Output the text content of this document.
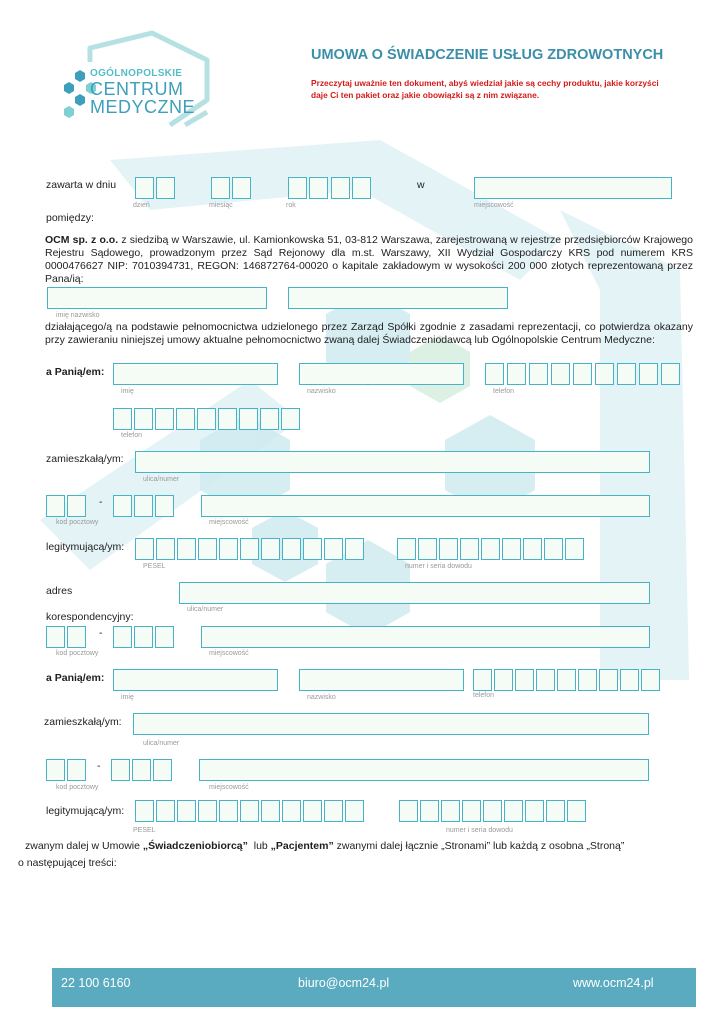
OGÓLNOPOLSKIE
CENTRUM
MEDYCZNE
UMOWA O ŚWIADCZENIE USŁUG ZDROWOTNYCH
Przeczytaj uważnie ten dokument, abyś wiedział jakie są cechy produktu, jakie korzyści
daje Ci ten pakiet oraz jakie obowiązki są z nim związane.
zawarta w dniu	w
dzień	miesiąc	rok	miejscowość
pomiędzy:
OCM sp. z o.o. z siedzibą w Warszawie, ul. Kamionkowska 51, 03-812 Warszawa, zarejestrowaną w rejestrze przedsiębiorców Krajowego Rejestru Sądowego, prowadzonym przez Sąd Rejonowy dla m.st. Warszawy, XII Wydział Gospodarczy KRS pod numerem KRS 0000476627 NIP: 7010394731, REGON: 146872764-00020 o kapitale zakładowym w wysokości 200 000 złotych reprezentowaną przez Pana/ią:
imię nazwisko
działającego/ą na podstawie pełnomocnictwa udzielonego przez Zarząd Spółki zgodnie z zasadami reprezentacji, co potwierdza okazany przy zawieraniu niniejszej umowy aktualne pełnomocnictwo zwaną dalej Świadczeniodawcą lub Ogólnopolskie Centrum Medyczne:
a Panią/em:
imię	nazwisko	telefon
telefon
zamieszkałą/ym:
ulica/numer
-
kod pocztowy	miejscowość
legitymującą/ym:
PESEL	numer i seria dowodu
adres
ulica/numer
korespondencyjny:
-
kod pocztowy	miejscowość
a Panią/em:
imię	nazwisko	telefon
zamieszkałą/ym:
ulica/numer
-
kod pocztowy	miejscowość
legitymującą/ym:
PESEL	numer i seria dowodu
zwanym dalej w Umowie „Świadczeniobiorcą”  lub „Pacjentem” zwanymi dalej łącznie „Stronami” lub każdą z osobna „Stroną”
o następującej treści:
22 100 6160	biuro@ocm24.pl	www.ocm24.pl
